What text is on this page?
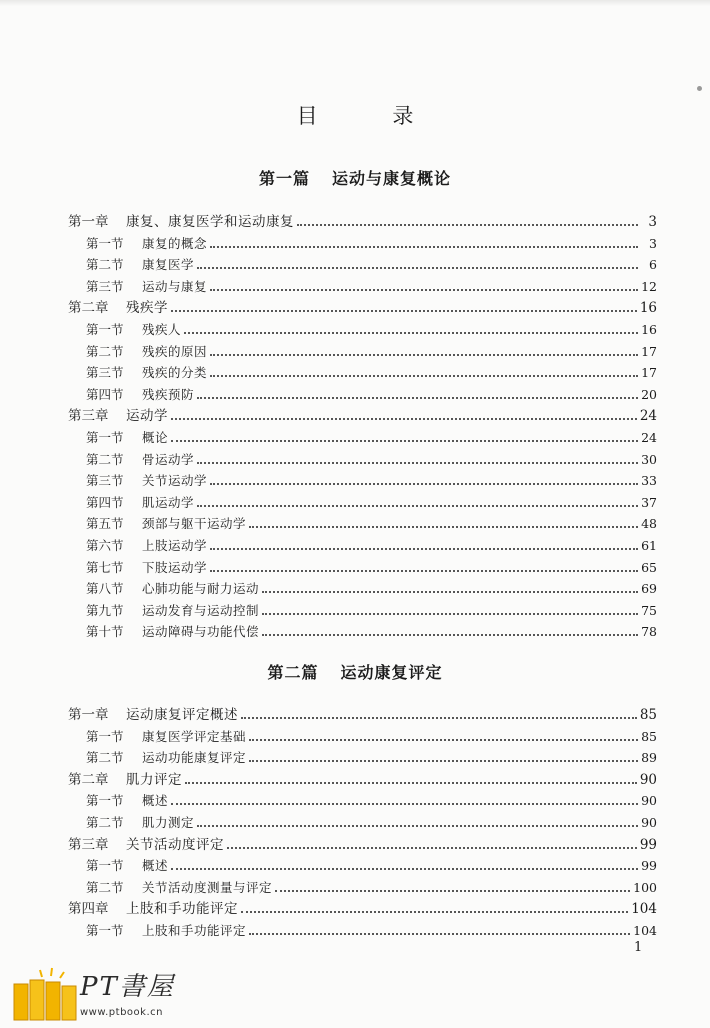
目 录
第一篇 运动与康复概论
第一章	康复、康复医学和运动康复	3
第一节	康复的概念	3
第二节	康复医学	6
第三节	运动与康复	12
第二章	残疾学	16
第一节	残疾人	16
第二节	残疾的原因	17
第三节	残疾的分类	17
第四节	残疾预防	20
第三章	运动学	24
第一节	概论	24
第二节	骨运动学	30
第三节	关节运动学	33
第四节	肌运动学	37
第五节	颈部与躯干运动学	48
第六节	上肢运动学	61
第七节	下肢运动学	65
第八节	心肺功能与耐力运动	69
第九节	运动发育与运动控制	75
第十节	运动障碍与功能代偿	78
第二篇 运动康复评定
第一章	运动康复评定概述	85
第一节	康复医学评定基础	85
第二节	运动功能康复评定	89
第二章	肌力评定	90
第一节	概述	90
第二节	肌力测定	90
第三章	关节活动度评定	99
第一节	概述	99
第二节	关节活动度测量与评定	100
第四章	上肢和手功能评定	104
第一节	上肢和手功能评定	104
1
PT書屋
www.ptbook.cn
